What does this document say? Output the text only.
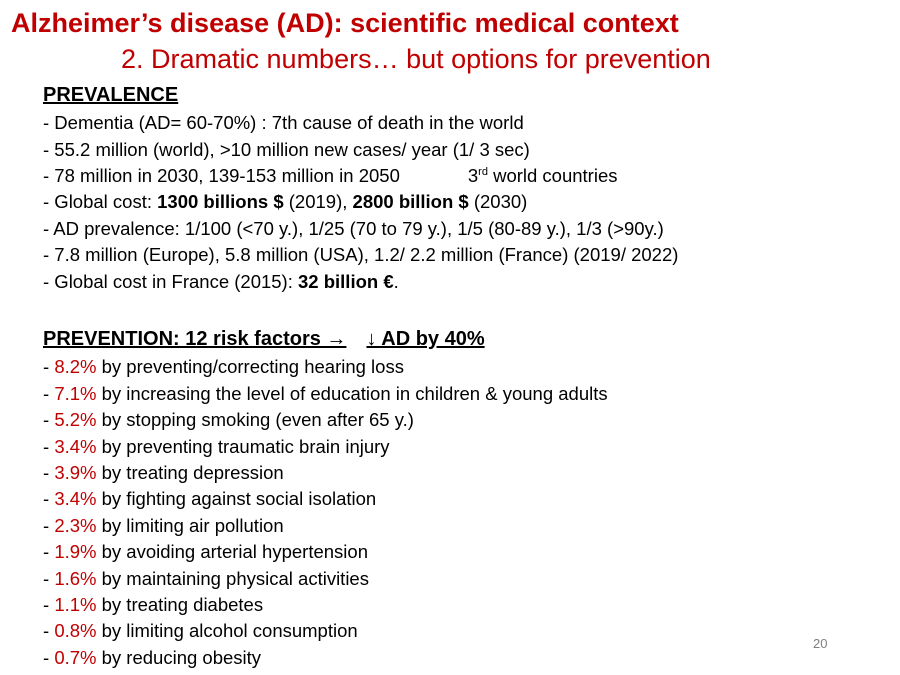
Alzheimer’s disease (AD): scientific medical context
2. Dramatic numbers… but options for prevention
PREVALENCE
- Dementia (AD= 60-70%) : 7th cause of death in the world
- 55.2 million (world), >10 million new cases/ year (1/ 3 sec)
- 78 million in 2030, 139-153 million in 2050	3rd world countries
- Global cost: 1300 billions $ (2019), 2800 billion $ (2030)
- AD prevalence: 1/100 (<70 y.), 1/25 (70 to 79 y.), 1/5 (80-89 y.), 1/3 (>90y.)
- 7.8 million (Europe), 5.8 million (USA), 1.2/ 2.2 million (France) (2019/ 2022)
- Global cost in France (2015): 32 billion €.
PREVENTION: 12 risk factors → ↓ AD by 40%
- 8.2% by preventing/correcting hearing loss
- 7.1% by increasing the level of education in children & young adults
- 5.2% by stopping smoking (even after 65 y.)
- 3.4% by preventing traumatic brain injury
- 3.9% by treating depression
- 3.4% by fighting against social isolation
- 2.3% by limiting air pollution
- 1.9% by avoiding arterial hypertension
- 1.6% by maintaining physical activities
- 1.1% by treating diabetes
- 0.8% by limiting alcohol consumption
- 0.7% by reducing obesity
20
